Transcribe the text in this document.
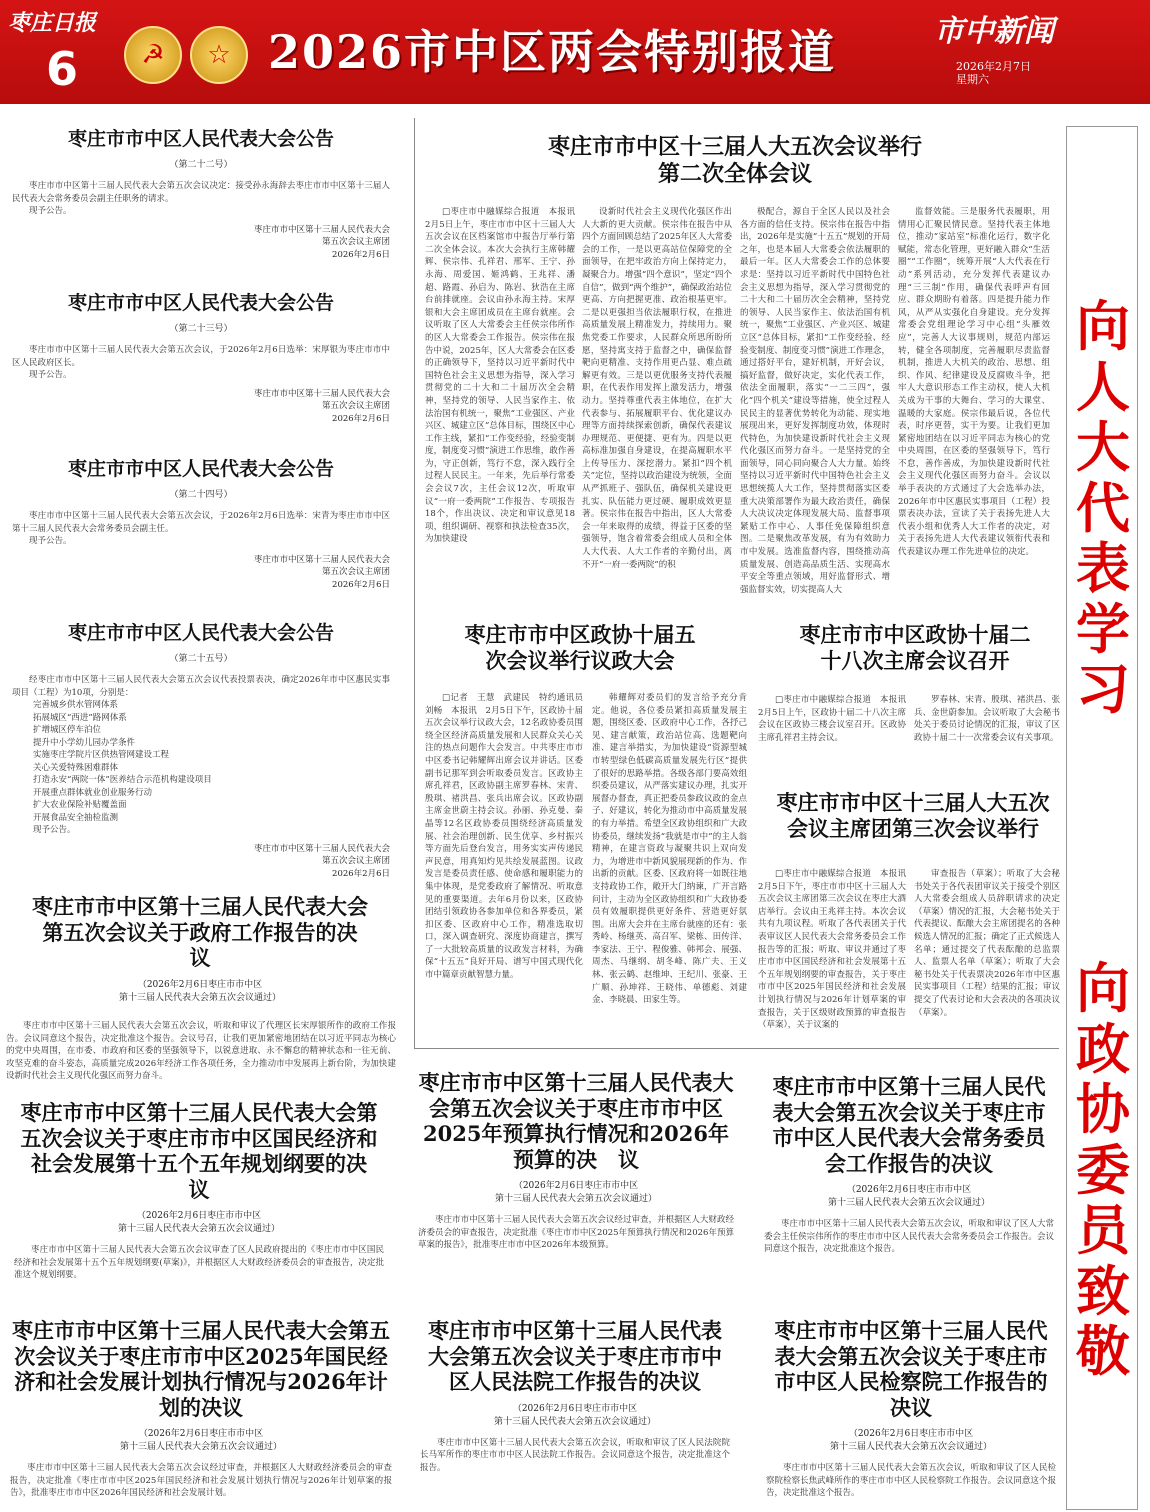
枣庄日报
6	☭	☆ 2026市中区两会特别报道	市中新闻
2026年2月7日
星期六
向人大代表学习
向政协委员致敬
枣庄市市中区人民代表大会公告
（第二十二号）

枣庄市市中区第十三届人民代表大会第五次会议决定：接受孙永海辞去枣庄市市中区第十三届人民代表大会常务委员会副主任职务的请求。

现予公告。

枣庄市市中区第十三届人民代表大会
第五次会议主席团
2026年2月6日
枣庄市市中区人民代表大会公告
（第二十三号）

枣庄市市中区第十三届人民代表大会第五次会议，于2026年2月6日选举：宋厚银为枣庄市市中区人民政府区长。

现予公告。

枣庄市市中区第十三届人民代表大会
第五次会议主席团
2026年2月6日
枣庄市市中区人民代表大会公告
（第二十四号）

枣庄市市中区第十三届人民代表大会第五次会议，于2026年2月6日选举：宋青为枣庄市市中区第十三届人民代表大会常务委员会副主任。

现予公告。

枣庄市市中区第十三届人民代表大会
第五次会议主席团
2026年2月6日
枣庄市市中区人民代表大会公告
（第二十五号）

经枣庄市市中区第十三届人民代表大会第五次会议代表投票表决，确定2026年市中区惠民实事项目（工程）为10项，分别是：

完善城乡供水管网体系
拓展城区“西进”路网体系
扩增城区停车泊位
提升中小学幼儿园办学条件
实施枣庄学院片区供热管网建设工程
关心关爱特殊困难群体
打造永安“两院一体”医养结合示范机构建设项目
开展重点群体就业创业服务行动
扩大农业保险补贴覆盖面
开展食品安全抽检监测
现予公告。
枣庄市市中区第十三届人民代表大会
第五次会议主席团
2026年2月6日
枣庄市市中区第十三届人民代表大会第五次会议关于政府工作报告的决　议
（2026年2月6日枣庄市市中区
第十三届人民代表大会第五次会议通过）
枣庄市市中区第十三届人民代表大会第五次会议，听取和审议了代理区长宋厚银所作的政府工作报告。会议同意这个报告，决定批准这个报告。会议号召，让我们更加紧密地团结在以习近平同志为核心的党中央周围，在市委、市政府和区委的坚强领导下，以锐意进取、永不懈怠的精神状态和一往无前、攻坚克难的奋斗姿态，高质量完成2026年经济工作各项任务，全力推动市中发展再上新台阶，为加快建设新时代社会主义现代化强区而努力奋斗。
枣庄市市中区第十三届人民代表大会第五次会议关于枣庄市市中区国民经济和社会发展第十五个五年规划纲要的决　议
（2026年2月6日枣庄市市中区
第十三届人民代表大会第五次会议通过）
枣庄市市中区第十三届人民代表大会第五次会议审查了区人民政府提出的《枣庄市市中区国民经济和社会发展第十五个五年规划纲要(草案)》，并根据区人大财政经济委员会的审查报告，决定批准这个规划纲要。
枣庄市市中区第十三届人民代表大会第五次会议关于枣庄市市中区2025年国民经济和社会发展计划执行情况与2026年计划的决议
（2026年2月6日枣庄市市中区
第十三届人民代表大会第五次会议通过）
枣庄市市中区第十三届人民代表大会第五次会议经过审查，并根据区人大财政经济委员会的审查报告，决定批准《枣庄市市中区2025年国民经济和社会发展计划执行情况与2026年计划草案的报告》，批准枣庄市市中区2026年国民经济和社会发展计划。
枣庄市市中区十三届人大五次会议举行第二次全体会议

□枣庄市中融媒综合报道　本报讯　2月5日上午，枣庄市市中区十三届人大五次会议在区档案馆市中报告厅举行第二次全体会议。本次大会执行主席韩耀辉、侯宗伟、孔祥君、邢军、王宁、孙永海、周爱国、姬鸿鹤、王兆祥、潘超、路霞、孙启为、陈岩、狄浩在主席台前排就座。会议由孙永海主持。宋厚银和大会主席团成员在主席台就座。会议听取了区人大常委会主任侯宗伟所作的区人大常委会工作报告。侯宗伟在报告中说，2025年，区人大常委会在区委的正确领导下，坚持以习近平新时代中国特色社会主义思想为指导，深入学习贯彻党的二十大和二十届历次全会精神，坚持党的领导、人民当家作主、依法治国有机统一，聚焦“工业强区、产业兴区、城建立区”总体目标，围绕区中心工作主线，紧扣“工作变经验，经验变制度，制度变习惯”演进工作思维，敢作善为，守正创新，笃行不怠，深入践行全过程人民民主。一年来，先后举行常委会会议7次，主任会议12次，听取审议“一府一委两院”工作报告、专项报告18个，作出决议、决定和审议意见18项，组织调研、视察和执法检查35次，为加快建设

设新时代社会主义现代化强区作出人大新的更大贡献。侯宗伟在报告中从四个方面回顾总结了2025年区人大常委会的工作，一是以更高站位保障党的全面领导，在把牢政治方向上保持定力，凝聚合力。增强“四个意识”，坚定“四个自信”，做到“两个维护”，确保政治站位更高、方向把握更准、政治根基更牢。二是以更强担当依法履职行权，在推进高质量发展上精准发力，持续用力。聚焦党委工作要求，人民群众所思所盼所愿，坚持寓支持于监督之中，确保监督靶向更精准、支持作用更凸显、难点疏解更有效。三是以更优服务支持代表履职，在代表作用发挥上激发活力，增强动力。坚持尊重代表主体地位，在扩大代表参与、拓展履职平台、优化建议办理等方面持续探索创新，确保代表建议办理规范、更便捷、更有为。四是以更高标准加强自身建设，在提高履职水平上传导压力、深挖潜力。紧扣“四个机关”定位，坚持以政治建设为统领，全面从严抓班子、强队伍，确保机关建设更扎实、队伍能力更过硬、履职成效更显著。侯宗伟在报告中指出，区人大常委会一年来取得的成绩，得益于区委的坚强领导，饱含着常委会组成人员和全体人大代表、人大工作者的辛勤付出，离不开“一府一委两院”的积

极配合，源自于全区人民以及社会各方面的信任支持。侯宗伟在报告中指出，2026年是实施“十五五”规划的开局之年，也是本届人大常委会依法履职的最后一年。区人大常委会工作的总体要求是：坚持以习近平新时代中国特色社会主义思想为指导，深入学习贯彻党的二十大和二十届历次全会精神，坚持党的领导、人民当家作主、依法治国有机统一，聚焦“工业强区、产业兴区、城建立区”总体目标，紧扣“工作变经验、经验变制度、制度变习惯”演进工作理念，通过搭好平台，建好机制，开好会议，搞好监督，做好决定，实化代表工作，依法全面履职，落实“一二三四”，强化“四个机关”建设等措施，使全过程人民民主的显著优势转化为动能、现实地展现出来，更好发挥制度功效，体现时代特色，为加快建设新时代社会主义现代化强区而努力奋斗。一是坚持党的全面领导，同心同向聚合人大力量。始终坚持以习近平新时代中国特色社会主义思想统揽人大工作，坚持贯彻落实区委重大决策部署作为最大政治责任，确保人大决议决定体现发展大局、监督事项紧贴工作中心、人事任免保障组织意图。二是聚焦改革发展，有为有效助力市中发展。选准监督内容，围绕推动高质量发展、创造高品质生活、实现高水平安全等重点领域，用好监督形式、增强监督实效，切实提高人大

监督效能。三是服务代表履职，用情用心汇聚民情民意。坚持代表主体地位，推动“家站室”标准化运行，数字化赋能，常态化管理，更好融入群众“生活圈”“工作圈”，统筹开展“人大代表在行动”系列活动，充分发挥代表建议办理“三三制”作用，确保代表呼声有回应、群众期盼有着落。四是提升能力作风，从严从实强化自身建设。充分发挥常委会党组理论学习中心组“头雁效应”，完善人大议事规则，规范内部运转，健全各项制度，完善履职尽责监督机制，推进人大机关的政治、思想、组织、作风、纪律建设及反腐败斗争，把牢人大意识形态工作主动权，使人大机关成为干事的大舞台、学习的大课堂、温暖的大家庭。侯宗伟最后说，各位代表，时序更替，实干为要。让我们更加紧密地团结在以习近平同志为核心的党中央周围，在区委的坚强领导下，笃行不怠，善作善成，为加快建设新时代社会主义现代化强区而努力奋斗。会议以举手表决的方式通过了大会选举办法，2026年市中区惠民实事项目（工程）投票表决办法，宣读了关于表扬先进人大代表小组和优秀人大工作者的决定，对关于表扬先进人大代表建议领衔代表和代表建议办理工作先进单位的决定。

枣庄市市中区政协十届五次会议举行议政大会

□记者　王慧　武建民　特约通讯员　刘畅　本报讯　2月5日下午，区政协十届五次会议举行议政大会，12名政协委员围绕全区经济高质量发展和人民群众关心关注的热点问题作大会发言。中共枣庄市市中区委书记韩耀辉出席会议并讲话。区委副书记那军到会听取委员发言。区政协主席孔祥君，区政协副主席罗春林、宋青、殷琪、褚洪昌、张兵出席会议。区政协副主席金世蔚主持会议。孙丽、孙克曼、秦晶等12名区政协委员围绕经济高质量发展、社会治理创新、民生优享、乡村振兴等方面先后登台发言，用务实实声传递民声民意，用真知灼见共绘发展蓝图。议政发言是委员责任感、使命感和履职能力的集中体现，是党委政府了解情况、听取意见的重要渠道。去年6月份以来，区政协团结引领政协各参加单位和各界委员，紧扣区委、区政府中心工作，精准选取切口，深入调查研究、深度协商建言，撰写了一大批较高质量的议政发言材料，为确保“十五五”良好开局、谱写中国式现代化市中篇章贡献智慧力量。

韩耀辉对委员们的发言给予充分肯定。他说，各位委员紧扣高质量发展主题，围绕区委、区政府中心工作，各抒己见、建言献策，政治站位高、选题靶向准、建言举措实，为加快建设“资源型城市转型绿色低碳高质量发展先行区”提供了很好的思路举措。各级各部门要高效组织委员建议，从严落实建议办理，扎实开展督办督查，真正把委员参政议政的金点子、好建议，转化为推动市中高质量发展的有力举措。希望全区政协组织和广大政协委员，继续发扬“我就是市中”的主人翁精神，在建言资政与凝聚共识上双向发力，为增进市中新风貌展现新的作为、作出新的贡献。区委、区政府将一如既往地支持政协工作，敞开大门纳谏，广开言路问计，主动为全区政协组织和广大政协委员有效履职提供更好条件、营造更好氛围。出席大会并在主席台就座的还有：张秀岭、杨继英、高召军、梁栋、田传洋、李家法、王宁、程俊雅、韩邦会、展强、周杰、马继纲、胡冬峰、陈广夫、王义林、张云鹤、赵维坤、王纪川、张豪、王广顺、孙坤祥、王晓伟、单德彪、刘建金、李晓晨、田家生等。

枣庄市市中区政协十届二十八次主席会议召开

□枣庄市中融媒综合报道　本报讯　2月5日上午，区政协十届二十八次主席会议在区政协三楼会议室召开。区政协主席孔祥君主持会议。

罗春林、宋青、殷琪、褚洪昌、张兵、金世蔚参加。会议听取了大会秘书处关于委员讨论情况的汇报，审议了区政协十届二十一次常委会议有关事项。

枣庄市市中区十三届人大五次会议主席团第三次会议举行

□枣庄市中融媒综合报道　本报讯　2月5日下午，枣庄市市中区十三届人大五次会议主席团第三次会议在枣庄大酒店举行。会议由王兆祥主持。本次会议共有九项议程。听取了各代表团关于代表审议区人民代表大会常务委员会工作报告等的汇报；听取、审议并通过了枣庄市市中区国民经济和社会发展第十五个五年规划纲要的审查报告，关于枣庄市市中区2025年国民经济和社会发展计划执行情况与2026年计划草案的审查报告，关于区级财政预算的审查报告（草案），关于议案的

审查报告（草案）；听取了大会秘书处关于各代表团审议关于接受个别区人大常委会组成人员辞职请求的决定（草案）情况的汇报，大会秘书处关于代表提议、酝酿大会主席团提名的各种候选人情况的汇报；确定了正式候选人名单；通过提交了代表酝酿的总监票人、监票人名单（草案）；听取了大会秘书处关于代表票决2026年市中区惠民实事项目（工程）结果的汇报；审议提交了代表讨论和大会表决的各项决议（草案）。

枣庄市市中区第十三届人民代表大会第五次会议关于枣庄市市中区2025年预算执行情况和2026年预算的决　议
（2026年2月6日枣庄市市中区
第十三届人民代表大会第五次会议通过）
枣庄市市中区第十三届人民代表大会第五次会议经过审查，并根据区人大财政经济委员会的审查报告，决定批准《枣庄市市中区2025年预算执行情况和2026年预算草案的报告》，批准枣庄市市中区2026年本级预算。
枣庄市市中区第十三届人民代表大会第五次会议关于枣庄市市中区人民代表大会常务委员会工作报告的决议
（2026年2月6日枣庄市市中区
第十三届人民代表大会第五次会议通过）
枣庄市市中区第十三届人民代表大会第五次会议，听取和审议了区人大常委会主任侯宗伟所作的枣庄市市中区人民代表大会常务委员会工作报告。会议同意这个报告，决定批准这个报告。
枣庄市市中区第十三届人民代表大会第五次会议关于枣庄市市中区人民法院工作报告的决议
（2026年2月6日枣庄市市中区
第十三届人民代表大会第五次会议通过）
枣庄市市中区第十三届人民代表大会第五次会议，听取和审议了区人民法院院长马军所作的枣庄市市中区人民法院工作报告。会议同意这个报告，决定批准这个报告。
枣庄市市中区第十三届人民代表大会第五次会议关于枣庄市市中区人民检察院工作报告的决议
（2026年2月6日枣庄市市中区
第十三届人民代表大会第五次会议通过）
枣庄市市中区第十三届人民代表大会第五次会议，听取和审议了区人民检察院检察长焦武峰所作的枣庄市市中区人民检察院工作报告。会议同意这个报告，决定批准这个报告。
